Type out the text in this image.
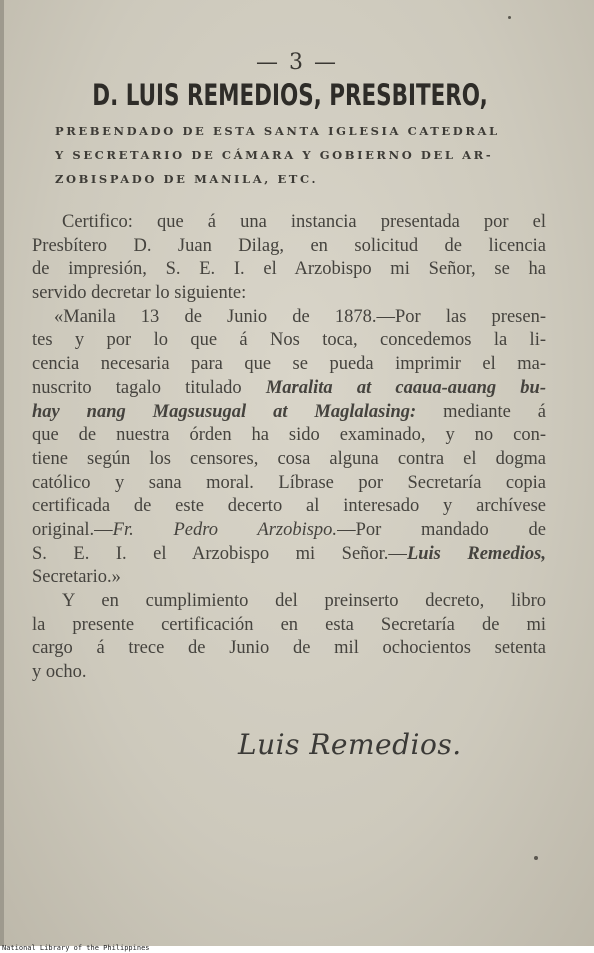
— 3 —
D. LUIS REMEDIOS, PRESBITERO,
PREBENDADO DE ESTA SANTA IGLESIA CATEDRAL
Y SECRETARIO DE CÁMARA Y GOBIERNO DEL AR-
ZOBISPADO DE MANILA, ETC.
Certifico: que á una instancia presentada por el
Presbítero D. Juan Dilag, en solicitud de licencia
de impresión, S. E. I. el Arzobispo mi Señor, se ha
servido decretar lo siguiente:
«Manila 13 de Junio de 1878.—Por las presen-
tes y por lo que á Nos toca, concedemos la li-
cencia necesaria para que se pueda imprimir el ma-
nuscrito tagalo titulado Maralita at caaua-auang bu-
hay nang Magsusugal at Maglalasing: mediante á
que de nuestra órden ha sido examinado, y no con-
tiene según los censores, cosa alguna contra el dogma
católico y sana moral. Líbrase por Secretaría copia
certificada de este decerto al interesado y archívese
original.—Fr. Pedro Arzobispo.—Por mandado de
S. E. I. el Arzobispo mi Señor.—Luis Remedios,
Secretario.»
Y en cumplimiento del preinserto decreto, libro
la presente certificación en esta Secretaría de mi
cargo á trece de Junio de mil ochocientos setenta
y ocho.
Luis Remedios.
National Library of the Philippines
